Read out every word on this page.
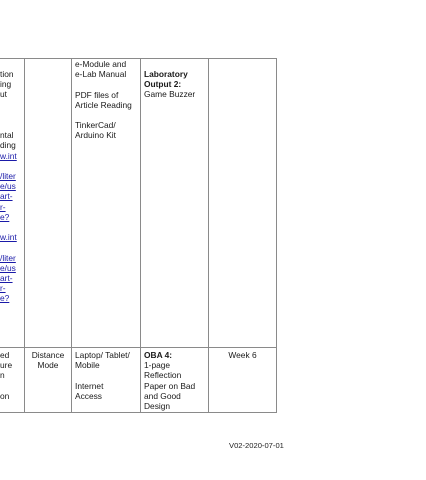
tion
ing
ut

ntal
ding
w.int

/liter
e/us
art-
r-
e?

w.int

/liter
e/us
art-
r-
e?
e-Module and
e-Lab Manual
PDF files of
Article Reading
TinkerCad/
Arduino Kit
Laboratory
Output 2:
Game Buzzer
ed
ure
n

on
Distance
Mode
Laptop/ Tablet/
Mobile
Internet
Access
OBA 4:
1-page
Reflection
Paper on Bad
and Good
Design
Week 6
V02-2020-07-01
